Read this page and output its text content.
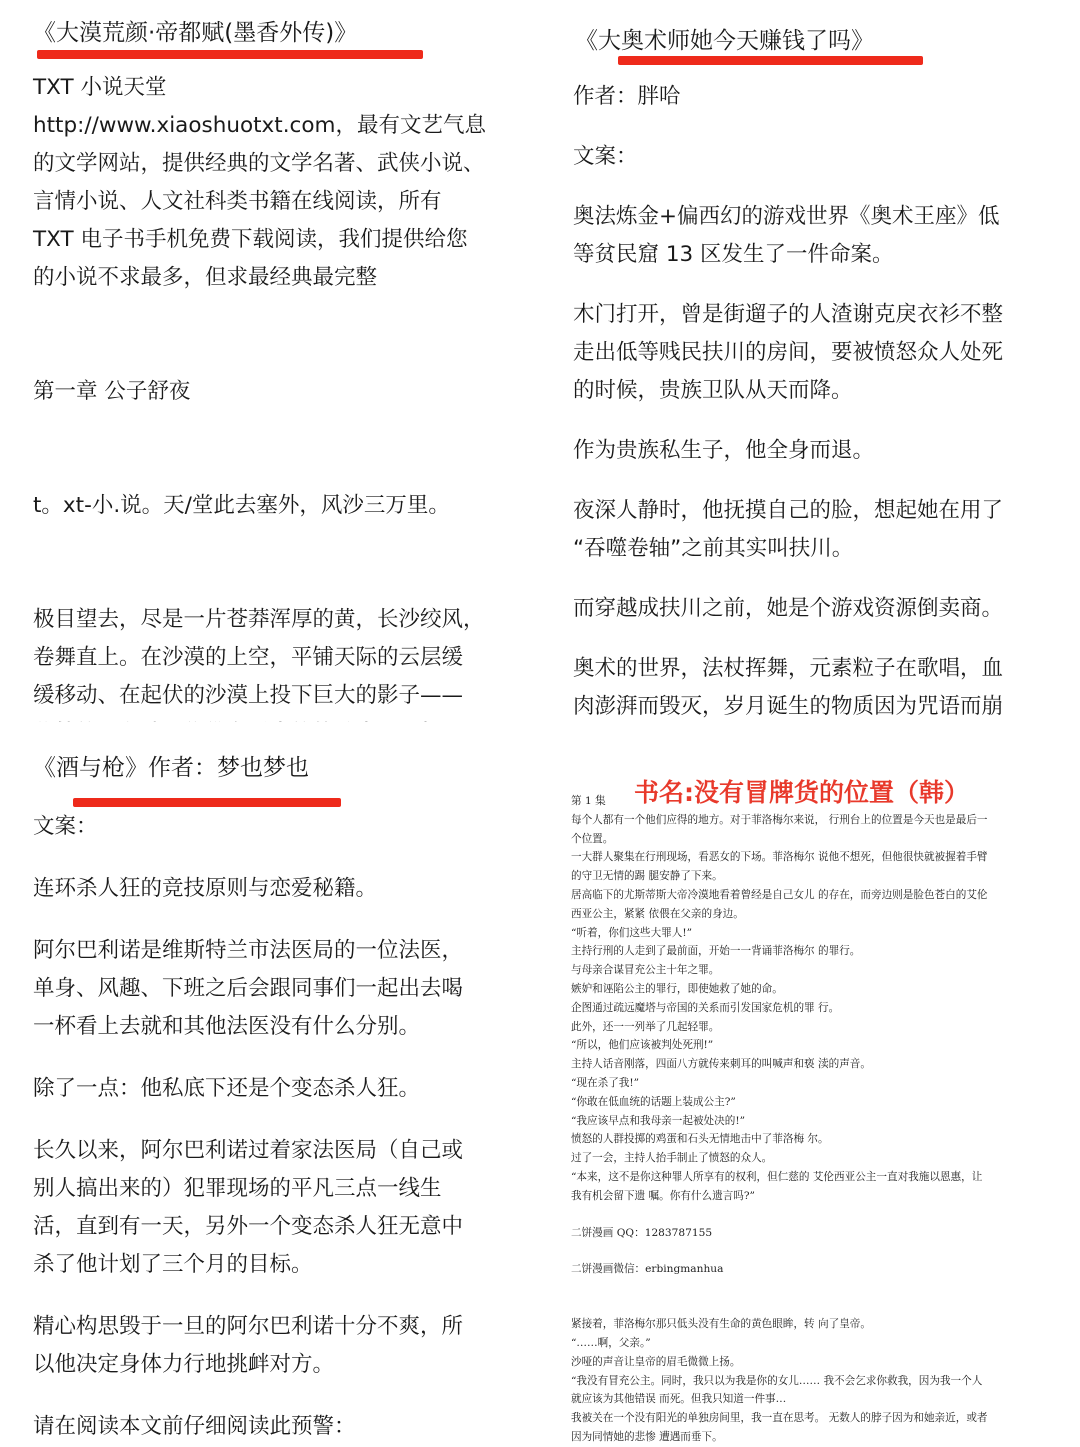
《大漠荒颜·帝都赋(墨香外传)》

TXT 小说天堂

http://www.xiaoshuotxt.com，最有文艺气息

的文学网站，提供经典的文学名著、武侠小说、

言情小说、人文社科类书籍在线阅读，所有

TXT 电子书手机免费下载阅读，我们提供给您

的小说不求最多，但求最经典最完整

第一章 公子舒夜

t。xt-小.说。天/堂此去塞外，风沙三万里。

极目望去，尽是一片苍莽浑厚的黄，长沙绞风，

卷舞直上。在沙漠的上空，平铺天际的云层缓

缓移动、在起伏的沙漠上投下巨大的影子——

《大奥术师她今天赚钱了吗》

作者：胖哈

文案：

奥法炼金+偏西幻的游戏世界《奥术王座》低
等贫民窟 13 区发生了一件命案。

木门打开，曾是街遛子的人渣谢克戾衣衫不整
走出低等贱民扶川的房间，要被愤怒众人处死
的时候，贵族卫队从天而降。

作为贵族私生子，他全身而退。

夜深人静时，他抚摸自己的脸，想起她在用了
“吞噬卷轴”之前其实叫扶川。

而穿越成扶川之前，她是个游戏资源倒卖商。

奥术的世界，法杖挥舞，元素粒子在歌唱，血
肉澎湃而毁灭，岁月诞生的物质因为咒语而崩

《酒与枪》作者：梦也梦也

文案：

连环杀人狂的竞技原则与恋爱秘籍。

阿尔巴利诺是维斯特兰市法医局的一位法医，
单身、风趣、下班之后会跟同事们一起出去喝
一杯看上去就和其他法医没有什么分别。

除了一点：他私底下还是个变态杀人狂。

长久以来，阿尔巴利诺过着家法医局（自己或
别人搞出来的）犯罪现场的平凡三点一线生
活，直到有一天，另外一个变态杀人狂无意中
杀了他计划了三个月的目标。

精心构思毁于一旦的阿尔巴利诺十分不爽，所
以他决定身体力行地挑衅对方。

请在阅读本文前仔细阅读此预警：

书名:没有冒牌货的位置（韩）

第 1 集

每个人都有一个他们应得的地方。对于菲洛梅尔来说， 行刑台上的位置是今天也是最后一

个位置。

一大群人聚集在行刑现场，看恶女的下场。菲洛梅尔 说他不想死，但他很快就被握着手臂

的守卫无情的踢 腿安静了下来。

居高临下的尤斯蒂斯大帝冷漠地看着曾经是自己女儿 的存在，而旁边则是脸色苍白的艾伦

西亚公主，紧紧 依偎在父亲的身边。

“听着，你们这些大罪人!”

主持行刑的人走到了最前面，开始一一背诵菲洛梅尔 的罪行。

与母亲合谋冒充公主十年之罪。

嫉妒和诬陷公主的罪行，即使她救了她的命。

企图通过疏远魔塔与帝国的关系而引发国家危机的罪 行。

此外，还一一列举了几起轻罪。

“所以，他们应该被判处死刑!”

主持人话音刚落，四面八方就传来刺耳的叫喊声和亵 渎的声音。

“现在杀了我!”

“你敢在低血统的话题上装成公主?”

“我应该早点和我母亲一起被处决的!”

愤怒的人群投掷的鸡蛋和石头无情地击中了菲洛梅 尔。

过了一会，主持人抬手制止了愤怒的众人。

“本来，这不是你这种罪人所享有的权利，但仁慈的 艾伦西亚公主一直对我施以恩惠，让

我有机会留下遗 嘱。你有什么遗言吗?”

二饼漫画 QQ：1283787155

二饼漫画微信：erbingmanhua

紧接着，菲洛梅尔那只低头没有生命的黄色眼眸，转 向了皇帝。

“……啊，父亲。”

沙哑的声音让皇帝的眉毛微微上扬。

“我没有冒充公主。同时，我只以为我是你的女儿…… 我不会乞求你救我，因为我一个人

就应该为其他错误 而死。但我只知道一件事…

我被关在一个没有阳光的单独房间里，我一直在思考。 无数人的脖子因为和她亲近，或者

因为同情她的悲惨 遭遇而垂下。
